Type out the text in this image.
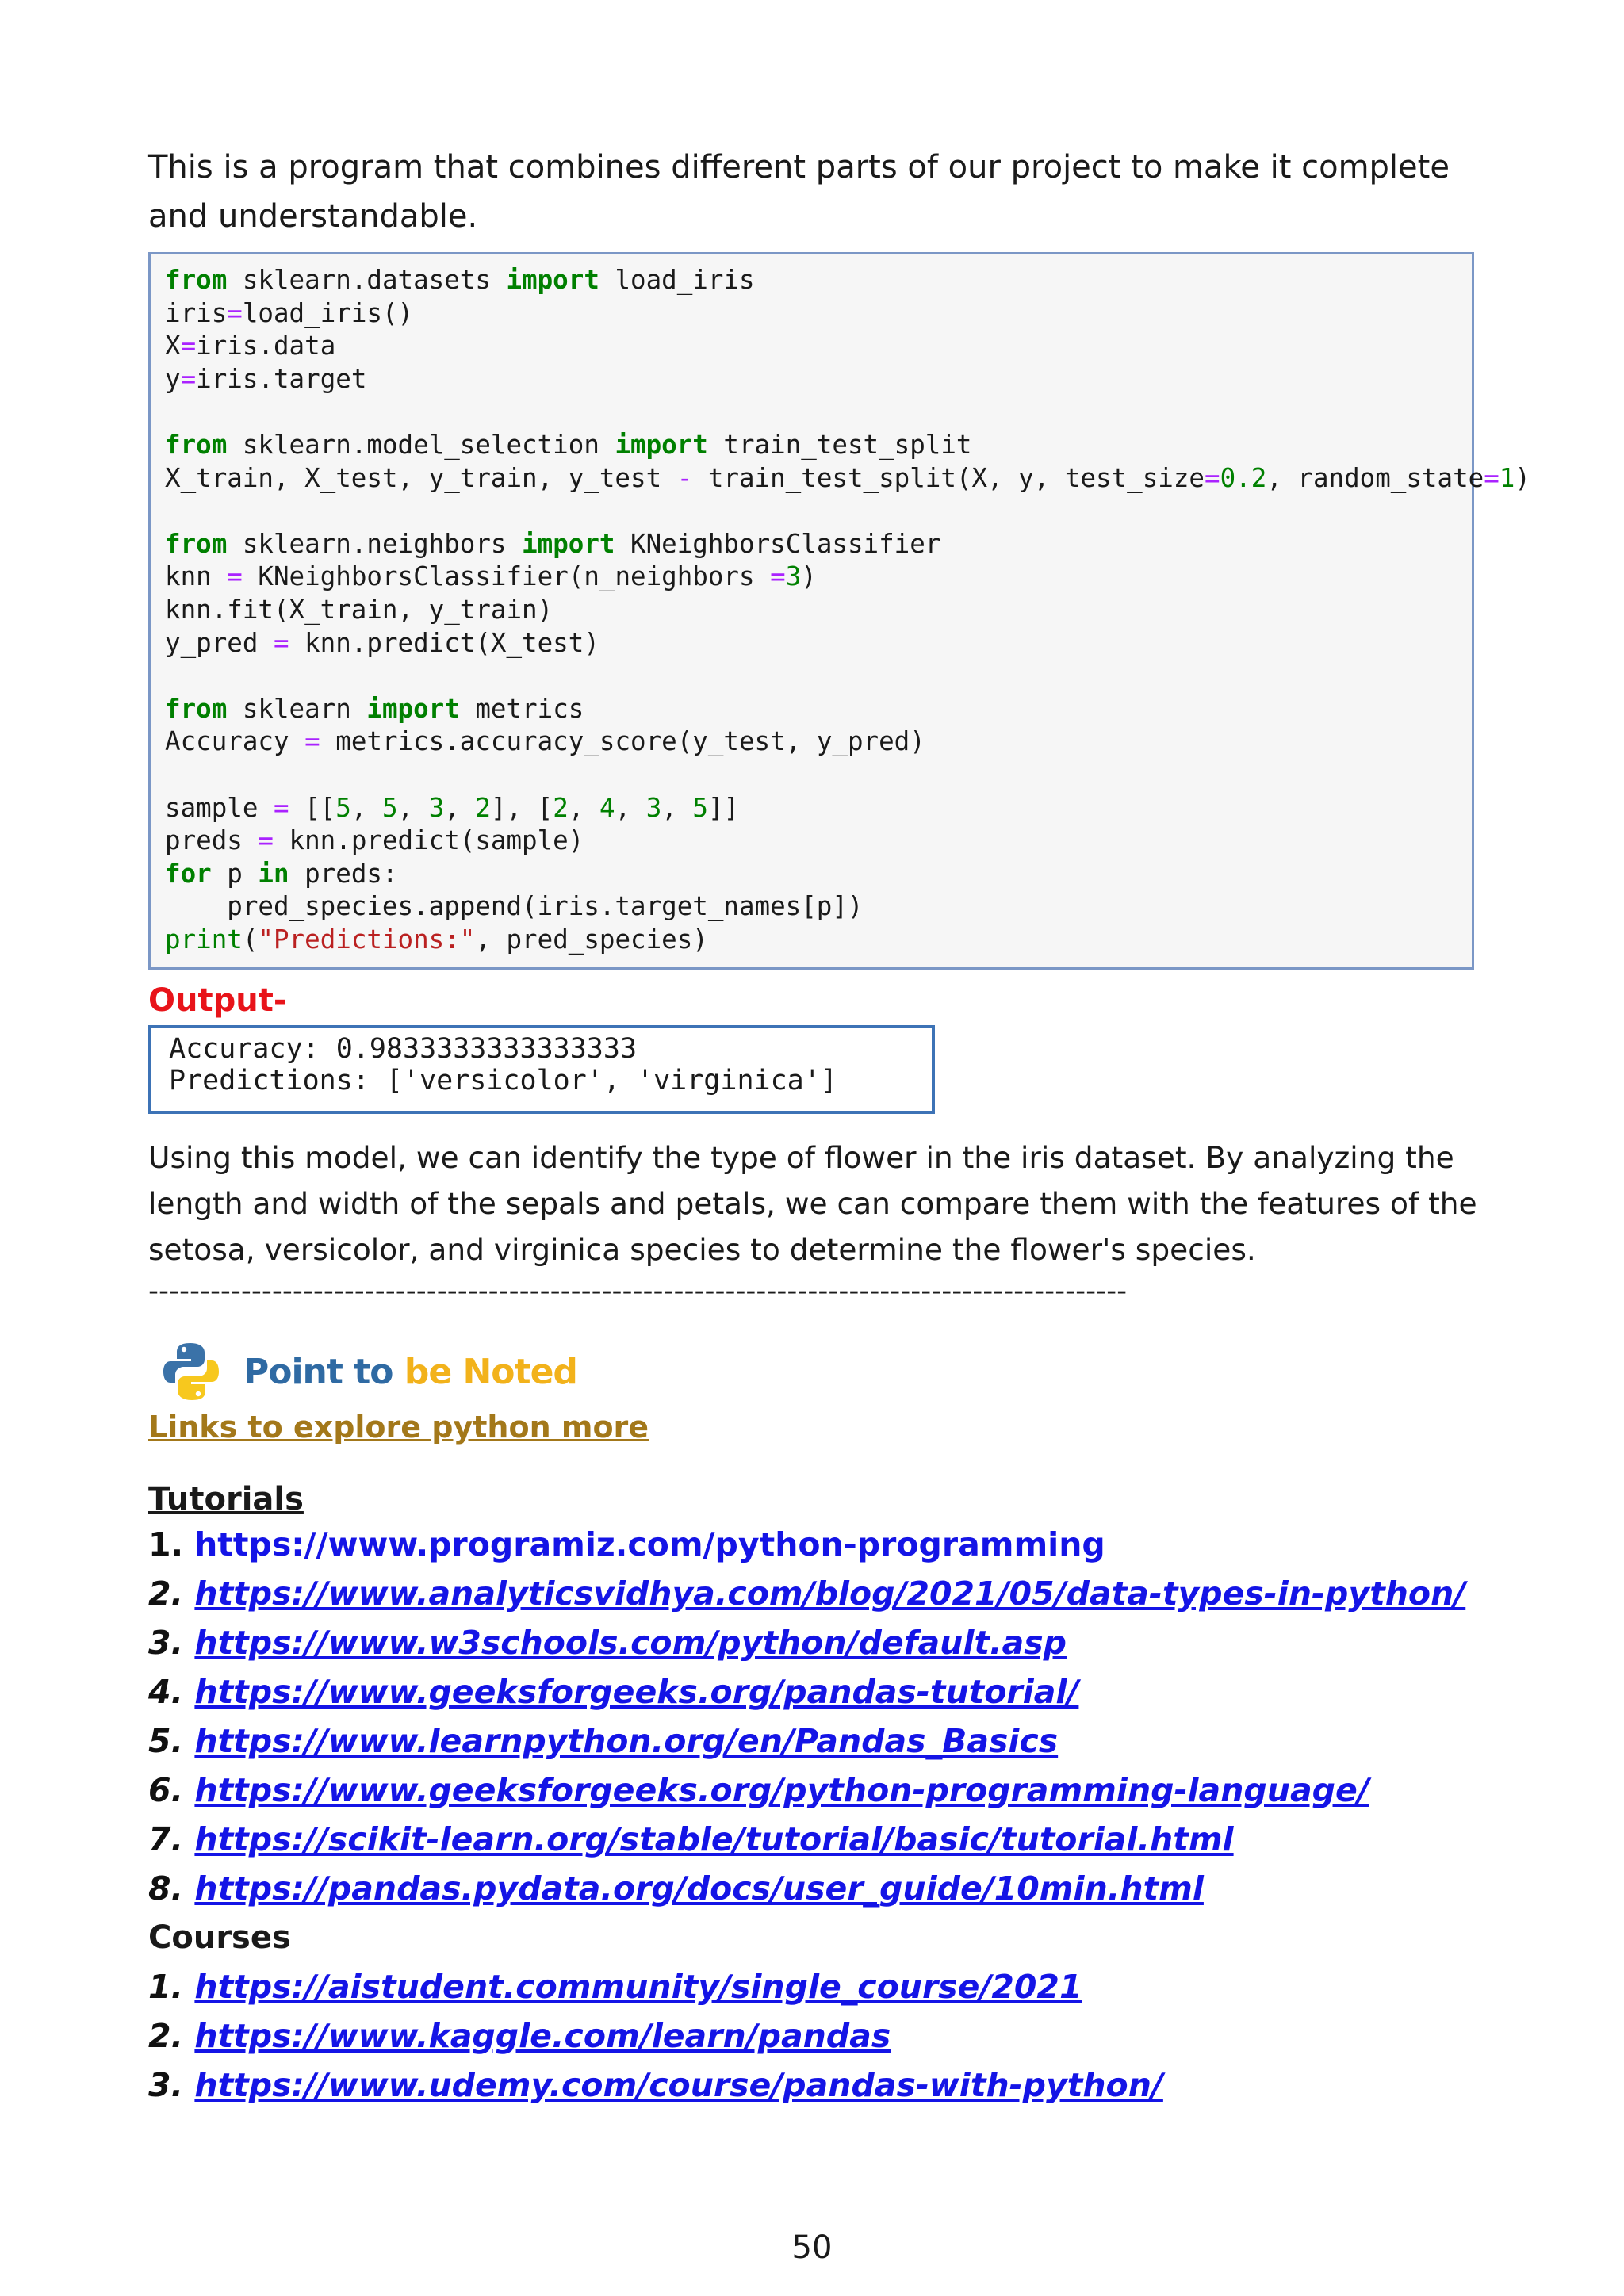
This is a program that combines different parts of our project to make it complete and understandable.

from sklearn.datasets import load_iris
iris=load_iris()
X=iris.data
y=iris.target
from sklearn.model_selection import train_test_split
X_train, X_test, y_train, y_test - train_test_split(X, y, test_size=0.2, random_state=1)
from sklearn.neighbors import KNeighborsClassifier
knn = KNeighborsClassifier(n_neighbors =3)
knn.fit(X_train, y_train)
y_pred = knn.predict(X_test)
from sklearn import metrics
Accuracy = metrics.accuracy_score(y_test, y_pred)
sample = [[5, 5, 3, 2], [2, 4, 3, 5]]
preds = knn.predict(sample)
for p in preds:
pred_species.append(iris.target_names[p])
print("Predictions:", pred_species)
Output-
Accuracy: 0.9833333333333333
Predictions: ['versicolor', 'virginica']
Using this model, we can identify the type of flower in the iris dataset. By analyzing the length and width of the sepals and petals, we can compare them with the features of the setosa, versicolor, and virginica species to determine the flower's species.
-----------------------------------------------------------------------------------------------
Point to be Noted
Links to explore python more
Tutorials
1. https://www.programiz.com/python-programming
2. https://www.analyticsvidhya.com/blog/2021/05/data-types-in-python/
3. https://www.w3schools.com/python/default.asp
4. https://www.geeksforgeeks.org/pandas-tutorial/
5. https://www.learnpython.org/en/Pandas_Basics
6. https://www.geeksforgeeks.org/python-programming-language/
7. https://scikit-learn.org/stable/tutorial/basic/tutorial.html
8. https://pandas.pydata.org/docs/user_guide/10min.html
Courses
1. https://aistudent.community/single_course/2021
2. https://www.kaggle.com/learn/pandas
3. https://www.udemy.com/course/pandas-with-python/
50
